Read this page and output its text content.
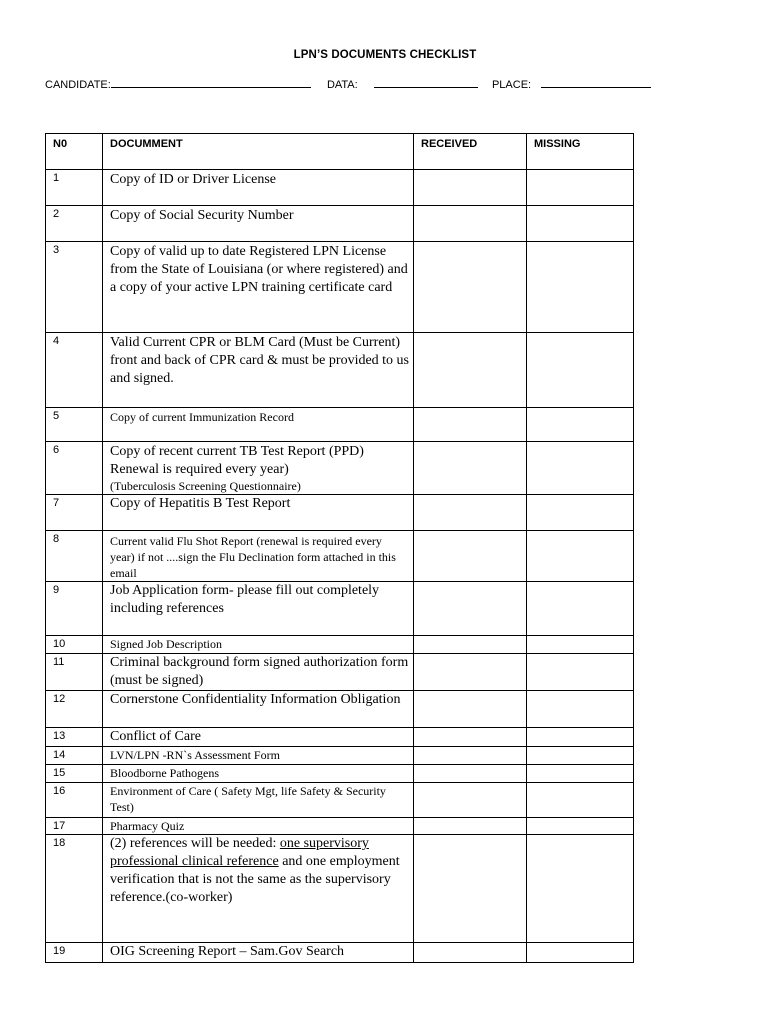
LPN’S DOCUMENTS CHECKLIST
CANDIDATE:	DATA:	PLACE:
N0	DOCUMMENT	RECEIVED	MISSING
1	Copy of ID or Driver License		
2	Copy of Social Security Number		
3	Copy of valid up to date Registered LPN License from the State of Louisiana (or where registered) and a copy of your active LPN training certificate card		
4	Valid Current CPR or BLM Card (Must be Current) front and back of CPR card & must be provided to us and signed.		
5	Copy of current Immunization Record		
6	Copy of recent current TB Test Report (PPD) Renewal is required every year)
(Tuberculosis Screening Questionnaire)		

7	Copy of Hepatitis B Test Report		
8	Current valid Flu Shot Report (renewal is required every year) if not ....sign the Flu Declination form attached in this email		
9	Job Application form- please fill out completely including references		
10	Signed Job Description		
11	Criminal background form signed authorization form (must be signed)		
12	Cornerstone Confidentiality Information Obligation		
13	Conflict of Care		
14	LVN/LPN -RN`s Assessment Form		
15	Bloodborne Pathogens		
16	Environment of Care ( Safety Mgt, life Safety & Security Test)		
17	Pharmacy Quiz		
18	(2) references will be needed: one supervisory professional clinical reference and one employment verification that is not the same as the supervisory reference.(co-worker)		
19	OIG Screening Report – Sam.Gov Search		
